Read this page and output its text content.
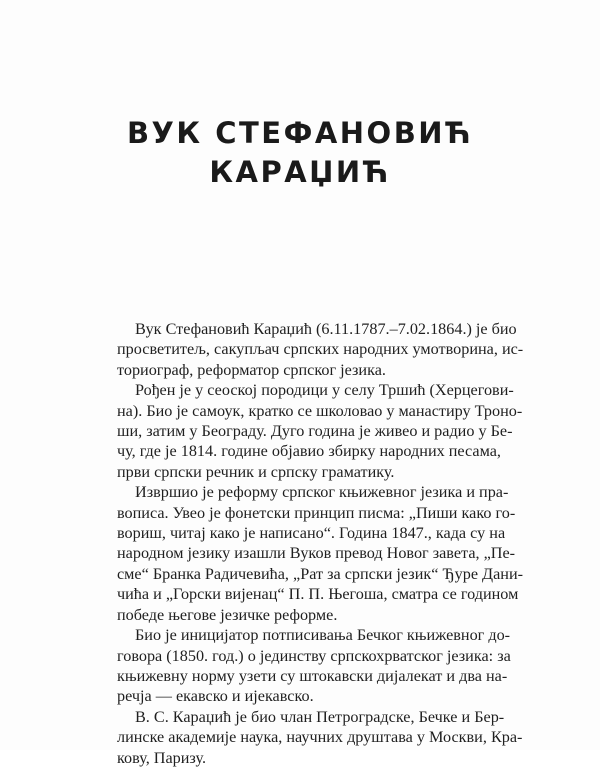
ВУК СТЕФАНОВИЋ
КАРАЏИЋ

Вук Стефановић Караџић (6.11.1787.–7.02.1864.) је био
просветитељ, сакупљач српских народних умотворина, ис-
ториограф, реформатор српског језика.

Рођен је у сеоској породици у селу Тршић (Херцегови-
на). Био је самоук, кратко се школовао у манастиру Троно-
ши, затим у Београду. Дуго година је живео и радио у Бе-
чу, где је 1814. године објавио збирку народних песама,
први српски речник и српску граматику.

Извршио је реформу српског књижевног језика и пра-
вописа. Увео је фонетски принцип писма: „Пиши како го-
вориш, читај како је написано“. Година 1847., када су на
народном језику изашли Вуков превод Новог завета, „Пе-
сме“ Бранка Радичевића, „Рат за српски језик“ Ђуре Дани-
чића и „Горски вијенац“ П. П. Његоша, сматра се годином
победе његове језичке реформе.

Био је иницијатор потписивања Бечког књижевног до-
говора (1850. год.) о јединству српскохрватског језика: за
књижевну норму узети су штокавски дијалекат и два на-
речја — екавско и ијекавско.

В. С. Караџић је био члан Петроградске, Бечке и Бер-
линске академије наука, научних друштава у Москви, Кра-
кову, Паризу.
